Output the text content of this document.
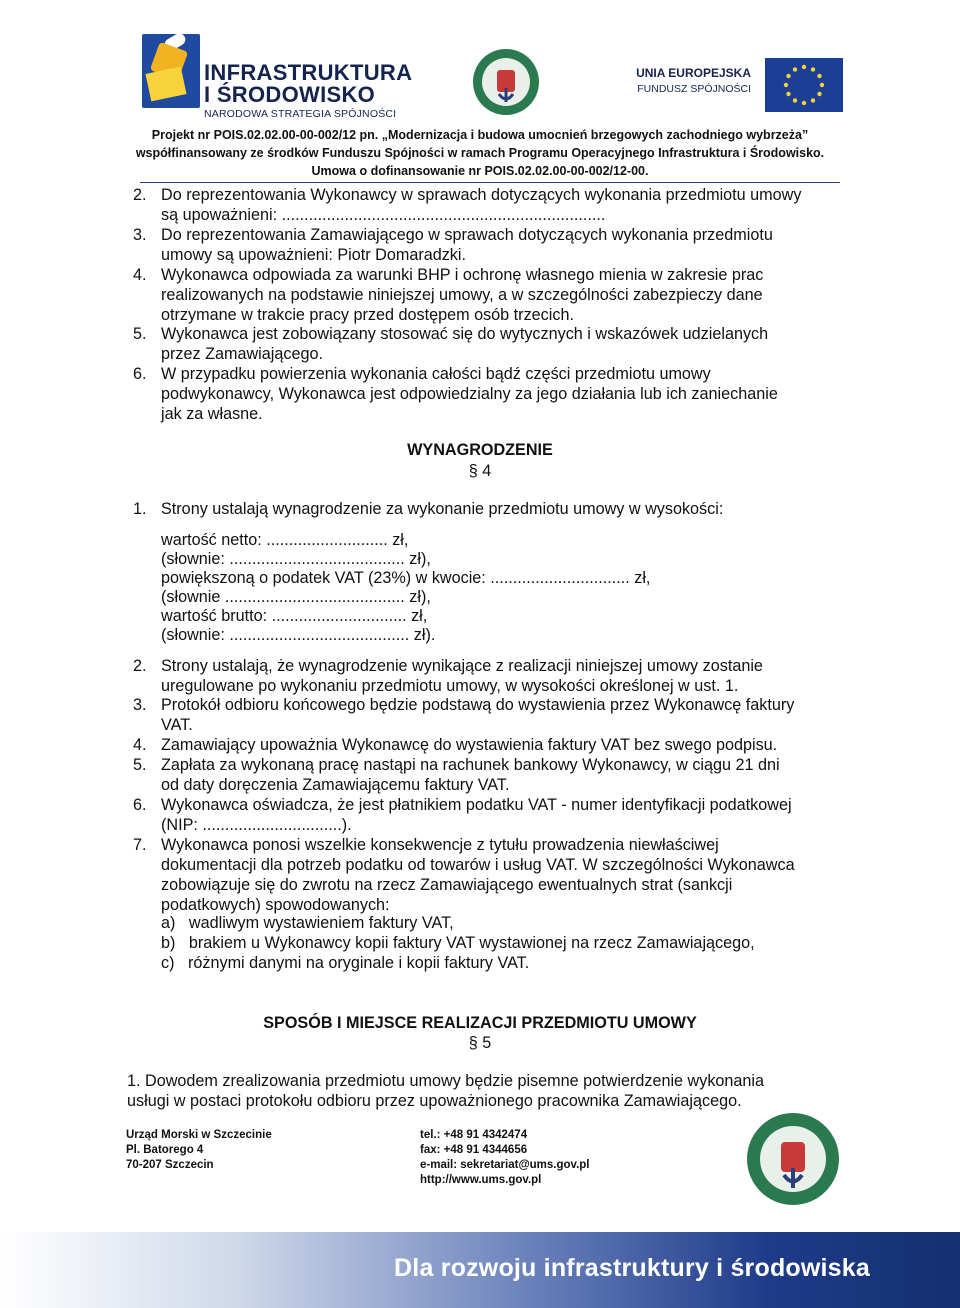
INFRASTRUKTURA
I ŚRODOWISKO
NARODOWA STRATEGIA SPÓJNOŚCI
UNIA EUROPEJSKA
FUNDUSZ SPÓJNOŚCI
Projekt nr POIS.02.02.00-00-002/12 pn. „Modernizacja i budowa umocnień brzegowych zachodniego wybrzeża”
współfinansowany ze środków Funduszu Spójności w ramach Programu Operacyjnego Infrastruktura i Środowisko.
Umowa o dofinansowanie nr POIS.02.02.00-00-002/12-00.
2. Do reprezentowania Wykonawcy w sprawach dotyczących wykonania przedmiotu umowy
są upoważnieni: ........................................................................
3. Do reprezentowania Zamawiającego w sprawach dotyczących wykonania przedmiotu
umowy są upoważnieni: Piotr Domaradzki.
4. Wykonawca odpowiada za warunki BHP i ochronę własnego mienia w zakresie prac
realizowanych na podstawie niniejszej umowy, a w szczególności zabezpieczy dane
otrzymane w trakcie pracy przed dostępem osób trzecich.
5. Wykonawca jest zobowiązany stosować się do wytycznych i wskazówek udzielanych
przez Zamawiającego.
6. W przypadku powierzenia wykonania całości bądź części przedmiotu umowy
podwykonawcy, Wykonawca jest odpowiedzialny za jego działania lub ich zaniechanie
jak za własne.
WYNAGRODZENIE
§ 4
1. Strony ustalają wynagrodzenie za wykonanie przedmiotu umowy w wysokości:
wartość netto: ........................... zł,
(słownie: ....................................... zł),
powiększoną o podatek VAT (23%) w kwocie: ............................... zł,
(słownie ........................................ zł),
wartość brutto: .............................. zł,
(słownie: ........................................ zł).
2. Strony ustalają, że wynagrodzenie wynikające z realizacji niniejszej umowy zostanie
uregulowane po wykonaniu przedmiotu umowy, w wysokości określonej w ust. 1.
3. Protokół odbioru końcowego będzie podstawą do wystawienia przez Wykonawcę faktury
VAT.
4. Zamawiający upoważnia Wykonawcę do wystawienia faktury VAT bez swego podpisu.
5. Zapłata za wykonaną pracę nastąpi na rachunek bankowy Wykonawcy, w ciągu 21 dni
od daty doręczenia Zamawiającemu faktury VAT.
6. Wykonawca oświadcza, że jest płatnikiem podatku VAT - numer identyfikacji podatkowej
(NIP: ...............................).
7. Wykonawca ponosi wszelkie konsekwencje z tytułu prowadzenia niewłaściwej
dokumentacji dla potrzeb podatku od towarów i usług VAT. W szczególności Wykonawca
zobowiązuje się do zwrotu na rzecz Zamawiającego ewentualnych strat (sankcji
podatkowych) spowodowanych:
a) wadliwym wystawieniem faktury VAT,
b) brakiem u Wykonawcy kopii faktury VAT wystawionej na rzecz Zamawiającego,
c) różnymi danymi na oryginale i kopii faktury VAT.
SPOSÓB I MIEJSCE REALIZACJI PRZEDMIOTU UMOWY
§ 5
1. Dowodem zrealizowania przedmiotu umowy będzie pisemne potwierdzenie wykonania
usługi w postaci protokołu odbioru przez upoważnionego pracownika Zamawiającego.
Urząd Morski w Szczecinie
Pl. Batorego 4
70-207 Szczecin
tel.: +48 91 4342474
fax: +48 91 4344656
e-mail: sekretariat@ums.gov.pl
http://www.ums.gov.pl
Dla rozwoju infrastruktury i środowiska
